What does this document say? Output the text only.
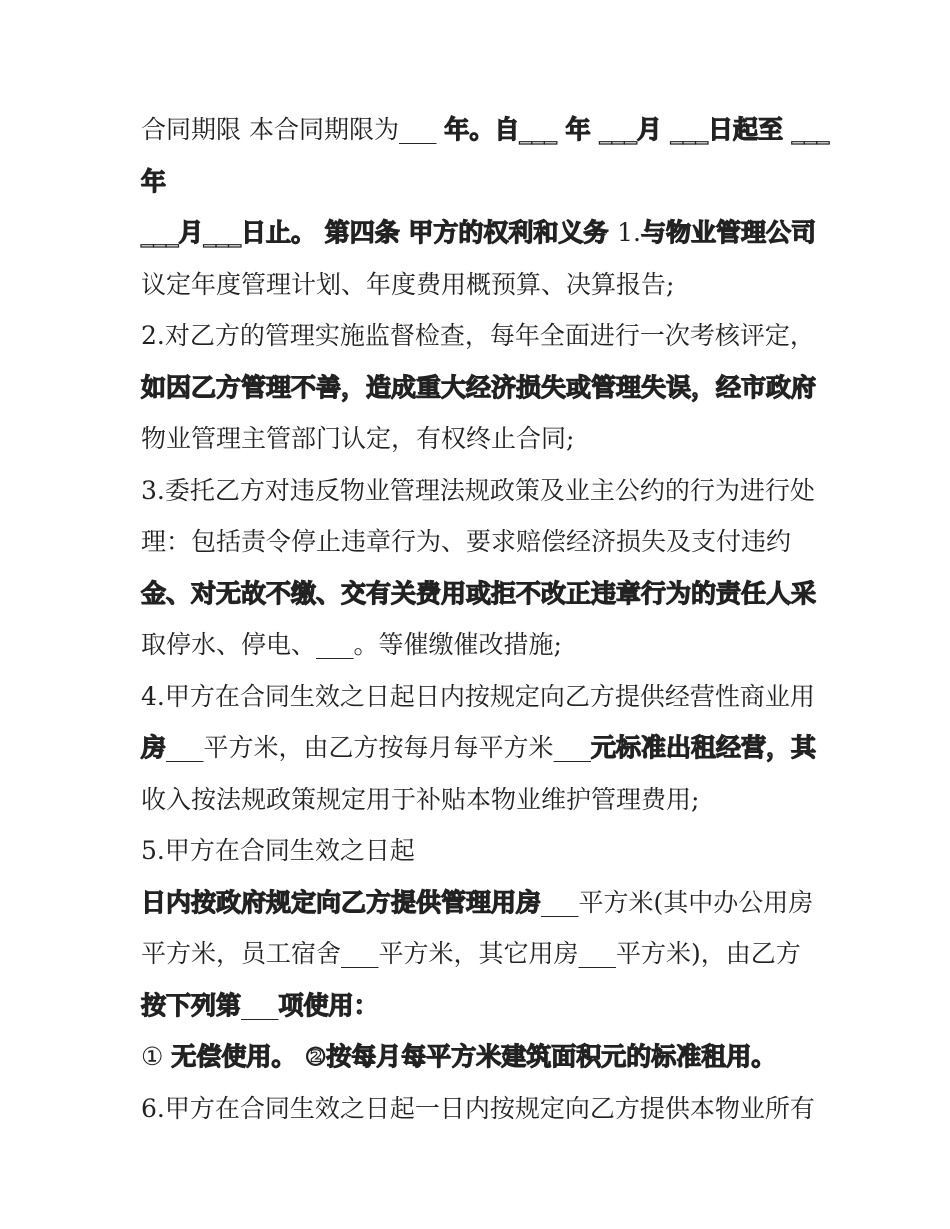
合同期限 本合同期限为___ 年。自___ 年 ___月 ___日起至 ___
年
___月___日止。 第四条 甲方的权利和义务 1.与物业管理公司
议定年度管理计划、年度费用概预算、决算报告;
2.对乙方的管理实施监督检查，每年全面进行一次考核评定，
如因乙方管理不善，造成重大经济损失或管理失误，经市政府
物业管理主管部门认定，有权终止合同;
3.委托乙方对违反物业管理法规政策及业主公约的行为进行处
理：包括责令停止违章行为、要求赔偿经济损失及支付违约
金、对无故不缴、交有关费用或拒不改正违章行为的责任人采
取停水、停电、___。等催缴催改措施;
4.甲方在合同生效之日起日内按规定向乙方提供经营性商业用
房___平方米，由乙方按每月每平方米___元标准出租经营，其
收入按法规政策规定用于补贴本物业维护管理费用;
5.甲方在合同生效之日起
日内按政府规定向乙方提供管理用房___平方米(其中办公用房
平方米，员工宿舍___平方米，其它用房___平方米)，由乙方
按下列第___项使用：
① 无偿使用。 ②按每月每平方米建筑面积元的标准租用。
6.甲方在合同生效之日起一日内按规定向乙方提供本物业所有
